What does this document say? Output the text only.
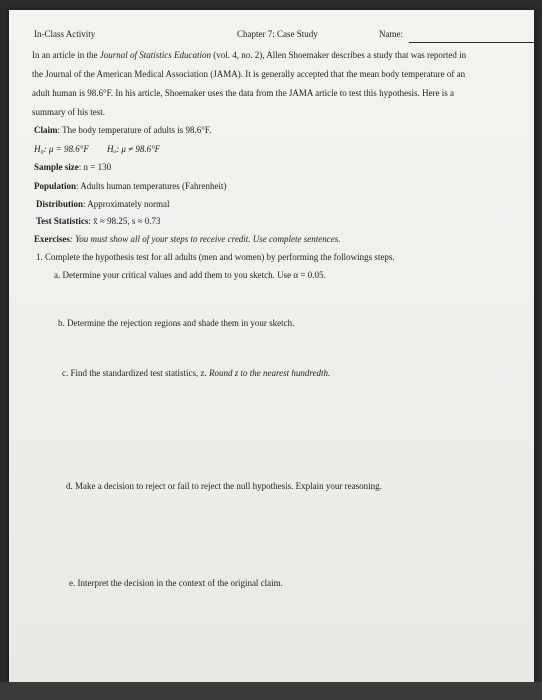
In-Class Activity	Chapter 7: Case Study	Name:
In an article in the Journal of Statistics Education (vol. 4, no. 2), Allen Shoemaker describes a study that was reported in
the Journal of the American Medical Association (JAMA). It is generally accepted that the mean body temperature of an
adult human is 98.6°F. In his article, Shoemaker uses the data from the JAMA article to test this hypothesis. Here is a
summary of his test.
Claim: The body temperature of adults is 98.6°F.
H₀: μ = 98.6°F Hₐ: μ ≠ 98.6°F
Sample size: n = 130
Population: Adults human temperatures (Fahrenheit)
Distribution: Approximately normal
Test Statistics: x̄ ≈ 98.25, s ≈ 0.73
Exercises: You must show all of your steps to receive credit. Use complete sentences.
1. Complete the hypothesis test for all adults (men and women) by performing the followings steps.
a. Determine your critical values and add them to you sketch. Use α = 0.05.
b. Determine the rejection regions and shade them in your sketch.
c. Find the standardized test statistics, z. Round z to the nearest hundredth.
d. Make a decision to reject or fail to reject the null hypothesis. Explain your reasoning.
e. Interpret the decision in the context of the original claim.
